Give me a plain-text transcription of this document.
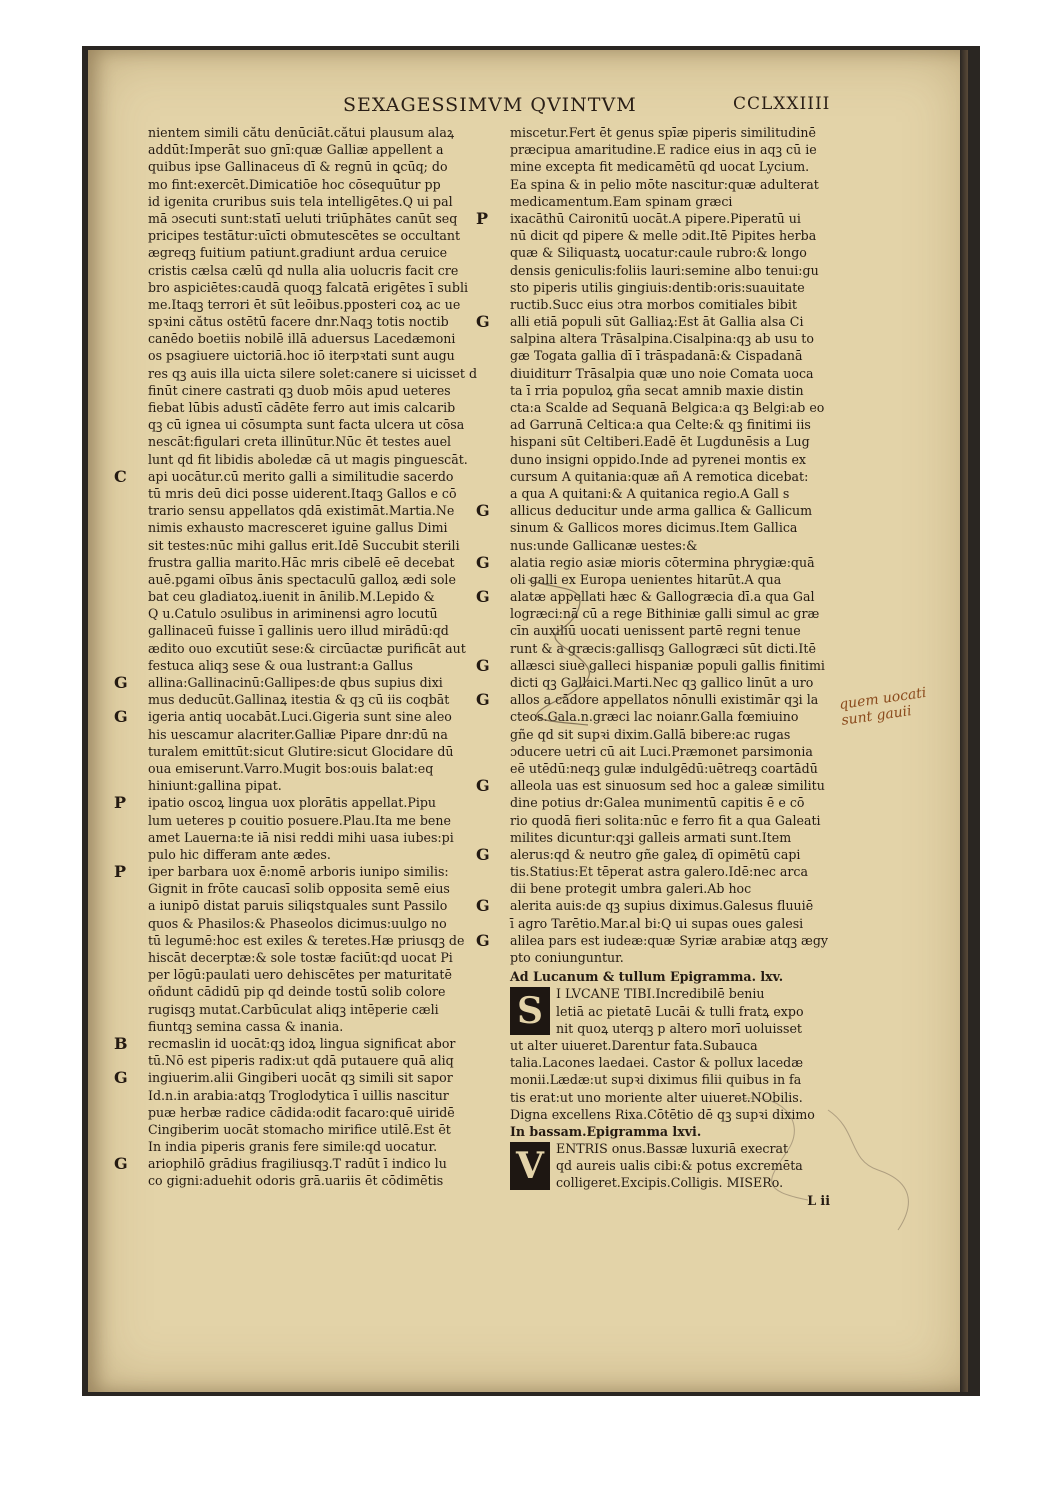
SEXAGESSIMVM QVINTVM	CCLXXIIII
nientem simili cătu denūciāt.cătui plausum alaꝝ
addūt:Imperāt suo gnī:quæ Galliæ appellent a
quibus ipse Gallinaceus dī & regnū in ꝗcūq; do
mo fint:exercēt.Dimicatiōe hoc cōsequūtur pp
id igenita cruribus suis tela intelligētes.Q ui pal
mā ɔsecuti sunt:statī ueluti triūphātes canūt seq
pricipes testātur:uīcti obmutescētes se occultant
ægreqꝫ fuitium patiunt.gradiunt ardua ceruice
cristis cælsa cælū qd nulla alia uolucris facit cre
bro aspiciētes:caudā quoqꝫ falcatā erigētes ī subli
me.Itaqꝫ terrori ēt sūt leōibus.pposteri coꝝ ac ue
spꝛini cătus ostētū facere dnr.Naqꝫ totis noctib
canēdo boetiis nobilē illā aduersus Lacedæmoni
os psagiuere uictoriā.hoc iō iterpꝛtati sunt augu
res qꝫ auis illa uicta silere solet:canere si uicisset d
finūt cinere castrati qꝫ duob mōis apud ueteres
fiebat lūbis adustī cādēte ferro aut imis calcarib
qꝫ cū ignea ui cōsumpta sunt facta ulcera ut cōsa
nescāt:figulari creta illinūtur.Nūc ēt testes auel
lunt qd fit libidis aboledæ cā ut magis pinguescāt.
C api uocātur.cū merito galli a similitudie sacerdo
tū mris deū dici posse uiderent.Itaqꝫ Gallos e cō
trario sensu appellatos qdā existimāt.Martia.Ne
nimis exhausto macresceret iguine gallus Dimi
sit testes:nūc mihi gallus erit.Idē Succubit sterili
frustra gallia marito.Hāc mris cibelē eē decebat
auē.pgami oībus ānis spectaculū galloꝝ ædi sole
bat ceu gladiatoꝝ.iuenit in ānilib.M.Lepido &
Q u.Catulo ɔsulibus in ariminensi agro locutū
gallinaceū fuisse ī gallinis uero illud mirādū:qd
ædito ouo excutiūt sese:& circūactæ purificāt aut
festuca aliqꝫ sese & oua lustrant:a Gallus
G allina:Gallinacinū:Gallipes:de qbus supius dixi
mus deducūt.Gallinaꝝ itestia & qꝫ cū iis coqbāt
G igeria antiq uocabāt.Luci.Gigeria sunt sine aleo
his uescamur alacriter.Galliæ Pipare dnr:dū na
turalem emittūt:sicut Glutire:sicut Glocidare dū
oua emiserunt.Varro.Mugit bos:ouis balat:eq
hiniunt:gallina pipat.
P ipatio oscoꝝ lingua uox plorātis appellat.Pipu
lum ueteres p couitio posuere.Plau.Ita me bene
amet Lauerna:te iā nisi reddi mihi uasa iubes:pi
pulo hic differam ante ædes.
P iper barbara uox ē:nomē arboris iunipo similis:
Gignit in frōte caucasī solib opposita semē eius
a iunipō distat paruis siliqstquales sunt Passilo
quos & Phasilos:& Phaseolos dicimus:uulgo no
tū legumē:hoc est exiles & teretes.Hæ priusqꝫ de
hiscāt decerptæ:& sole tostæ faciūt:qd uocat Pi
per lōgū:paulati uero dehiscētes per maturitatē
oñdunt cādidū pip qd deinde tostū solib colore
rugisqꝫ mutat.Carbūculat aliqꝫ intēperie cæli
fiuntqꝫ semina cassa & inania.
B recmaslin id uocāt:qꝫ idoꝝ lingua significat abor
tū.Nō est piperis radix:ut qdā putauere quā aliq
G ingiuerim.alii Gingiberi uocāt qꝫ simili sit sapor
Id.n.in arabia:atqꝫ Troglodytica ī uillis nascitur
puæ herbæ radice cādida:odit facaro:quē uiridē
Cingiberim uocāt stomacho mirifice utilē.Est ēt
In india piperis granis fere simile:qd uocatur.
G ariophilō grādius fragiliusqꝫ.T radūt ī indico lu
co gigni:aduehit odoris grā.uariis ēt cōdimētis
miscetur.Fert ēt genus spīæ piperis similitudinē
præcipua amaritudine.E radice eius in aqꝫ cū ie
mine excepta fit medicamētū qd uocat Lycium.
Ea spina & in pelio mōte nascitur:quæ adulterat
medicamentum.Eam spinam græci
P ixacāthū Caironitū uocāt.A pipere.Piperatū ui
nū dicit qd pipere & melle ɔdit.Itē Pipites herba
quæ & Siliquastꝝ uocatur:caule rubro:& longo
densis geniculis:foliis lauri:semine albo tenui:gu
sto piperis utilis gingiuis:dentib:oris:suauitate
ructib.Succ eius ɔtra morbos comitiales bibit
G alli etiā populi sūt Galliaꝝ:Est āt Gallia alsa Ci
salpina altera Trāsalpina.Cisalpina:qꝫ ab usu to
gæ Togata gallia dī ī trāspadanā:& Cispadanā
diuiditurr Trāsalpia quæ uno noie Comata uoca
ta ī rria populoꝝ gña secat amnib maxie distin
cta:a Scalde ad Sequanā Belgica:a qꝫ Belgi:ab eo
ad Garrunā Celtica:a qua Celte:& qꝫ finitimi iis
hispani sūt Celtiberi.Eadē ēt Lugdunēsis a Lug
duno insigni oppido.Inde ad pyrenei montis ex
cursum A quitania:quæ añ A remotica dicebat:
a qua A quitani:& A quitanica regio.A Gall s
G allicus deducitur unde arma gallica & Gallicum
sinum & Gallicos mores dicimus.Item Gallica
nus:unde Gallicanæ uestes:&
G alatia regio asiæ mioris cōtermina phrygiæ:quā
oli galli ex Europa uenientes hitarūt.A qua
G alatæ appellati hæc & Gallogræcia dī.a qua Gal
logræci:nā cū a rege Bithiniæ galli simul ac græ
cīn auxiliū uocati uenissent partē regni tenue
runt & a græcis:gallisqꝫ Gallogræci sūt dicti.Itē
G allæsci siue galleci hispaniæ populi gallis finitimi
dicti qꝫ Gallaici.Marti.Nec qꝫ gallico linūt a uro
G allos a cādore appellatos nōnulli existimār qꝫi la
cteos.Gala.n.græci lac noianr.Galla fœmiuino
gñe qd sit supꝛi dixim.Gallā bibere:ac rugas
ɔducere uetri cū ait Luci.Præmonet parsimonia
eē utēdū:neqꝫ gulæ indulgēdū:uētreqꝫ coartādū
G alleola uas est sinuosum sed hoc a galeæ similitu
dine potius dr:Galea munimentū capitis ē e cō
rio quodā fieri solita:nūc e ferro fit a qua Galeati
milites dicuntur:qꝫi galleis armati sunt.Item
G alerus:qd & neutro gñe galeꝝ dī opimētū capi
tis.Statius:Et tēperat astra galero.Idē:nec arca
dii bene protegit umbra galeri.Ab hoc
G alerita auis:de qꝫ supius diximus.Galesus fluuiē
ī agro Tarētio.Mar.al bi:Q ui supas oues galesi
G alilea pars est iudeæ:quæ Syriæ arabiæ atqꝫ ægy
pto coniunguntur.
Ad Lucanum & tullum Epigramma. lxv.
S	I LVCANE TIBI.Incredibilē beniu
letiā ac pietatē Lucāi & tulli fratꝝ expo
nit quoꝝ uterqꝫ p altero morī uoluisset
ut alter uiueret.Darentur fata.Subauca
talia.Lacones laedaei. Castor & pollux lacedæ
monii.Lædæ:ut supꝛi diximus filii quibus in fa
tis erat:ut uno moriente alter uiueret.NObilis.
Digna excellens Rixa.Cōtētio dē qꝫ supꝛi diximo
In bassam.Epigramma lxvi.
V ENTRIS onus.Bassæ luxuriā execrat
qd aureis ualis cibi:& potus excremēta
colligeret.Excipis.Colligis. MISERo.
L ii
quem uocati sunt gauii
